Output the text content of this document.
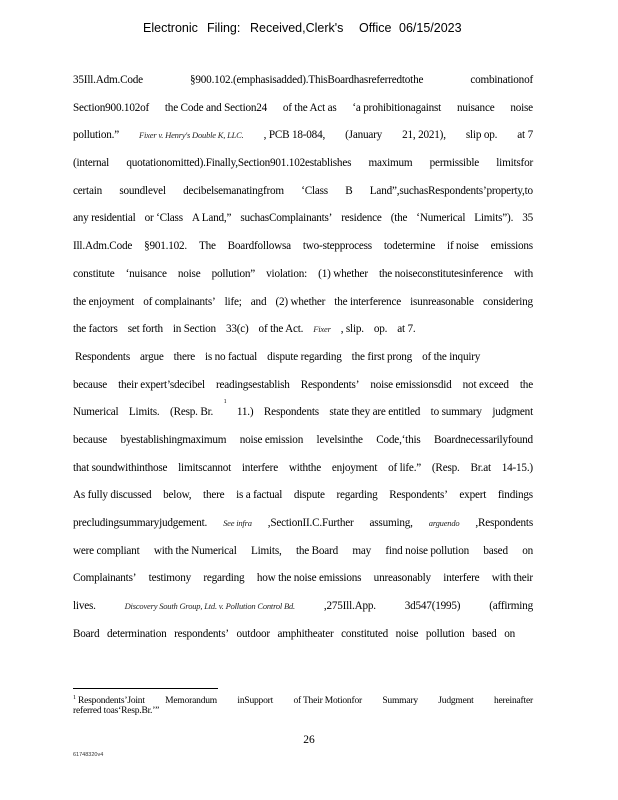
Electronic Filing: Received,Clerk's Office 06/15/2023
35Ill.Adm.Code	§900.102.(emphasisadded).ThisBoardhasreferredtothe	combinationof
Section900.102of the Code and Section24 of the Act as ‘a prohibitionagainst nuisance noise
pollution.” Fixer v. Henry's Double K, LLC. , PCB 18-084, (January 21, 2021), slip op. at 7
(internal quotationomitted).Finally,Section901.102establishes maximum permissible limitsfor
certain soundlevel decibelsemanatingfrom ‘Class B Land”,suchasRespondents’property,to
any residential or ‘Class A Land,” suchasComplainants’ residence (the ‘Numerical Limits”). 35
Ill.Adm.Code §901.102. The Boardfollowsa two-stepprocess todetermine if noise emissions
constitute ‘nuisance noise pollution” violation: (1) whether the noiseconstitutesinference with
the enjoyment of complainants’ life; and (2) whether the interference isunreasonable considering
the factors set forth in Section 33(c) of the Act. Fixer , slip. op. at 7.
Respondents argue there is no factual dispute regarding the first prong of the inquiry
because their expert’sdecibel readingsestablish Respondents’ noise emissionsdid not exceed the
Numerical Limits. (Resp. Br.
1
11.) Respondents state they are entitled to summary judgment
because byestablishingmaximum noise emission levelsinthe Code,‘this Boardnecessarilyfound
that soundwithinthose limitscannot interfere withthe enjoyment of life.” (Resp. Br.at 14-15.)
As fully discussed below, there is a factual dispute regarding Respondents’ expert findings
precludingsummaryjudgement. See infra ,SectionII.C.Further assuming, arguendo ,Respondents
were compliant with the Numerical Limits, the Board may find noise pollution based on
Complainants’ testimony regarding how the noise emissions unreasonably interfere with their
lives.	Discovery South Group, Ltd. v. Pollution Control Bd.	,275Ill.App.	3d547(1995)	(affirming
Board determination respondents’ outdoor amphitheater constituted noise pollution based on
$^1$ Respondents’Joint Memorandum inSupport of Their Motionfor Summary Judgment hereinafter
referred toas‘Resp.Br.’”
26
61748320v4
